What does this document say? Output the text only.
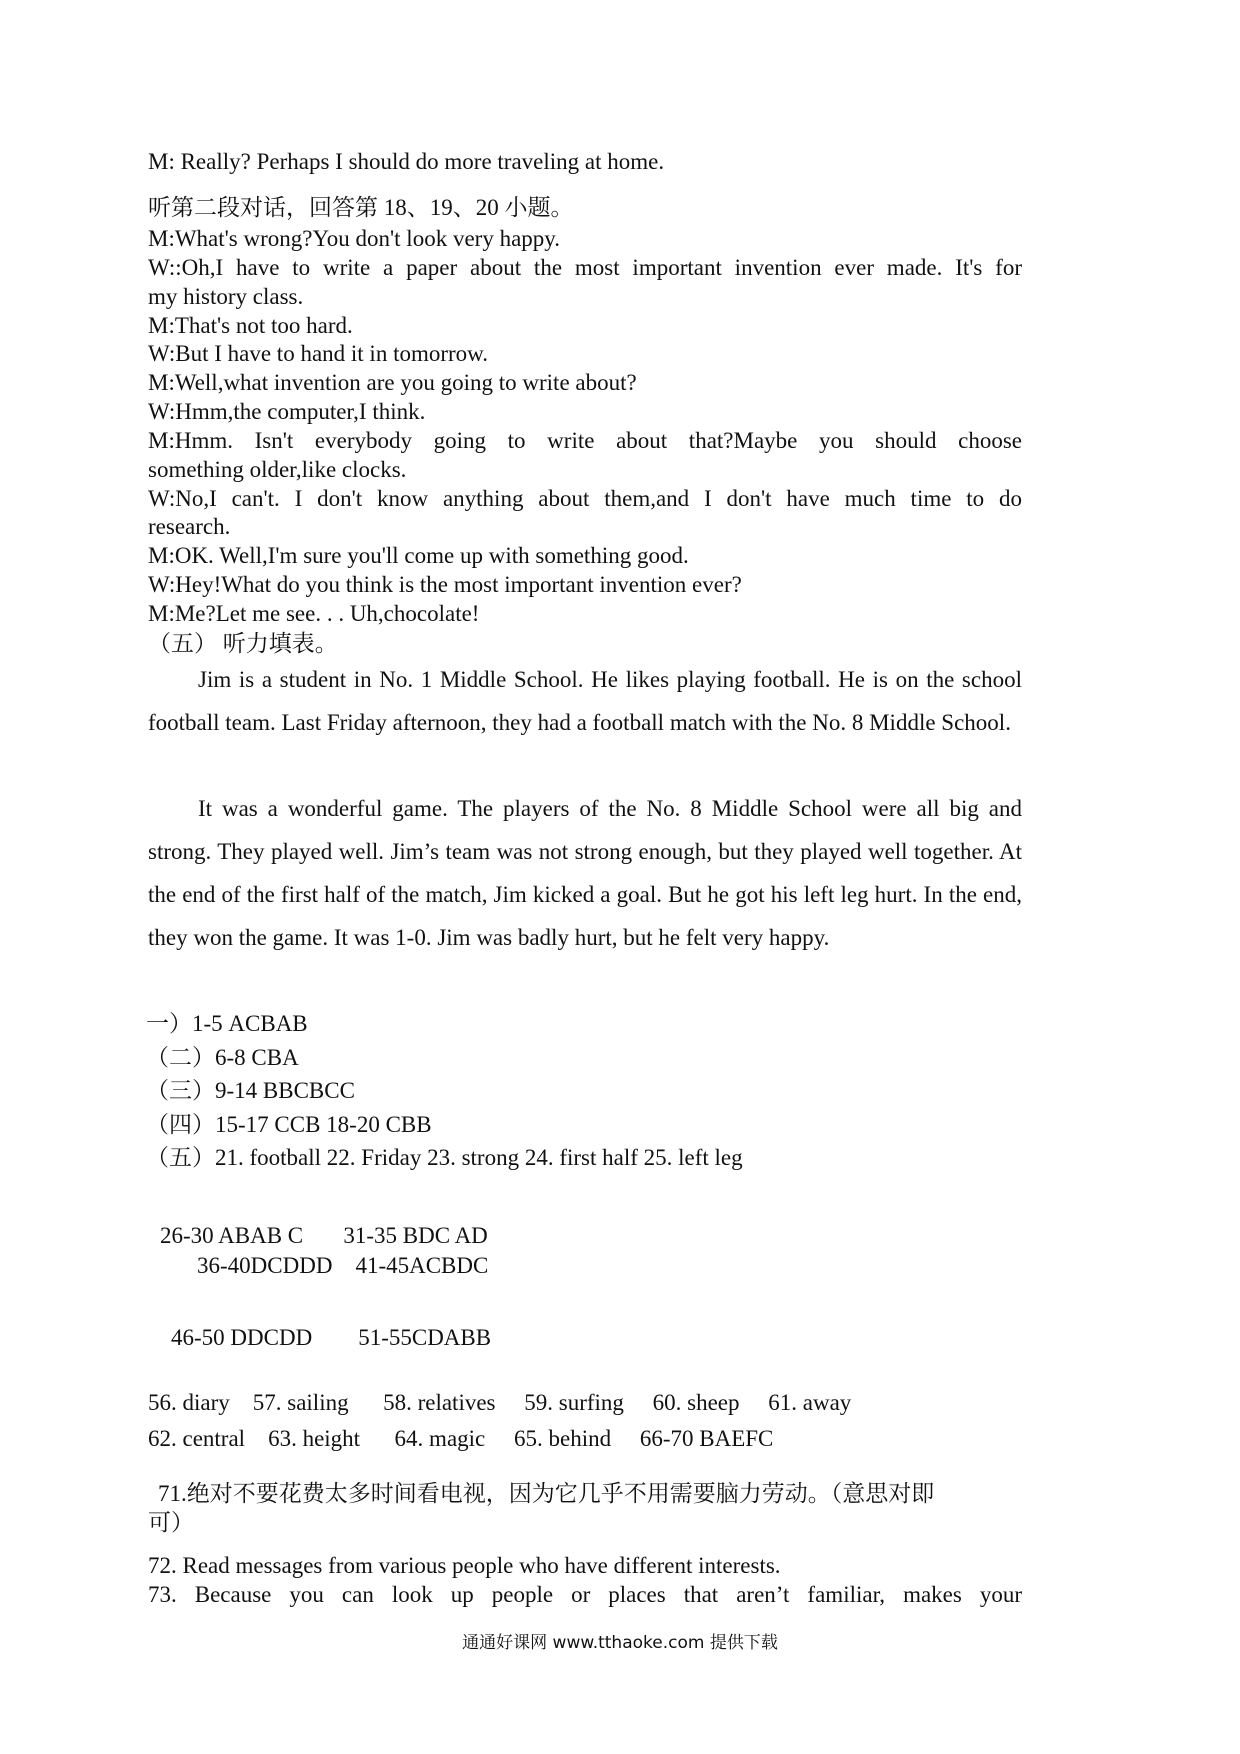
M: Really? Perhaps I should do more traveling at home.
听第二段对话，回答第 18、19、20 小题。
M:What's wrong?You don't look very happy.
W::Oh,I have to write a paper about the most important invention ever made. It's for
my history class.
M:That's not too hard.
W:But I have to hand it in tomorrow.
M:Well,what invention are you going to write about?
W:Hmm,the computer,I think.
M:Hmm. Isn't everybody going to write about that?Maybe you should choose
something older,like clocks.
W:No,I can't. I don't know anything about them,and I don't have much time to do
research.
M:OK. Well,I'm sure you'll come up with something good.
W:Hey!What do you think is the most important invention ever?
M:Me?Let me see. . . Uh,chocolate!
（五） 听力填表。
Jim is a student in No. 1 Middle School. He likes playing football. He is on the school football team. Last Friday afternoon, they had a football match with the No. 8 Middle School.
It was a wonderful game. The players of the No. 8 Middle School were all big and strong. They played well. Jim’s team was not strong enough, but they played well together. At the end of the first half of the match, Jim kicked a goal. But he got his left leg hurt. In the end, they won the game. It was 1-0. Jim was badly hurt, but he felt very happy.
一）1-5 ACBAB
（二）6-8 CBA
（三）9-14 BBCBCC
（四）15-17 CCB 18-20 CBB
（五）21. football 22. Friday 23. strong 24. first half 25. left leg
26-30 ABAB C       31-35 BDC AD
36-40DCDDD    41-45ACBDC
46-50 DDCDD        51-55CDABB
56. diary    57. sailing      58. relatives     59. surfing     60. sheep     61. away
62. central    63. height      64. magic     65. behind     66-70 BAEFC
71.绝对不要花费太多时间看电视，因为它几乎不用需要脑力劳动。（意思对即
可）
72. Read messages from various people who have different interests.
73. Because you can look up people or places that aren’t familiar, makes your
通通好课网 www.tthaoke.com 提供下载
